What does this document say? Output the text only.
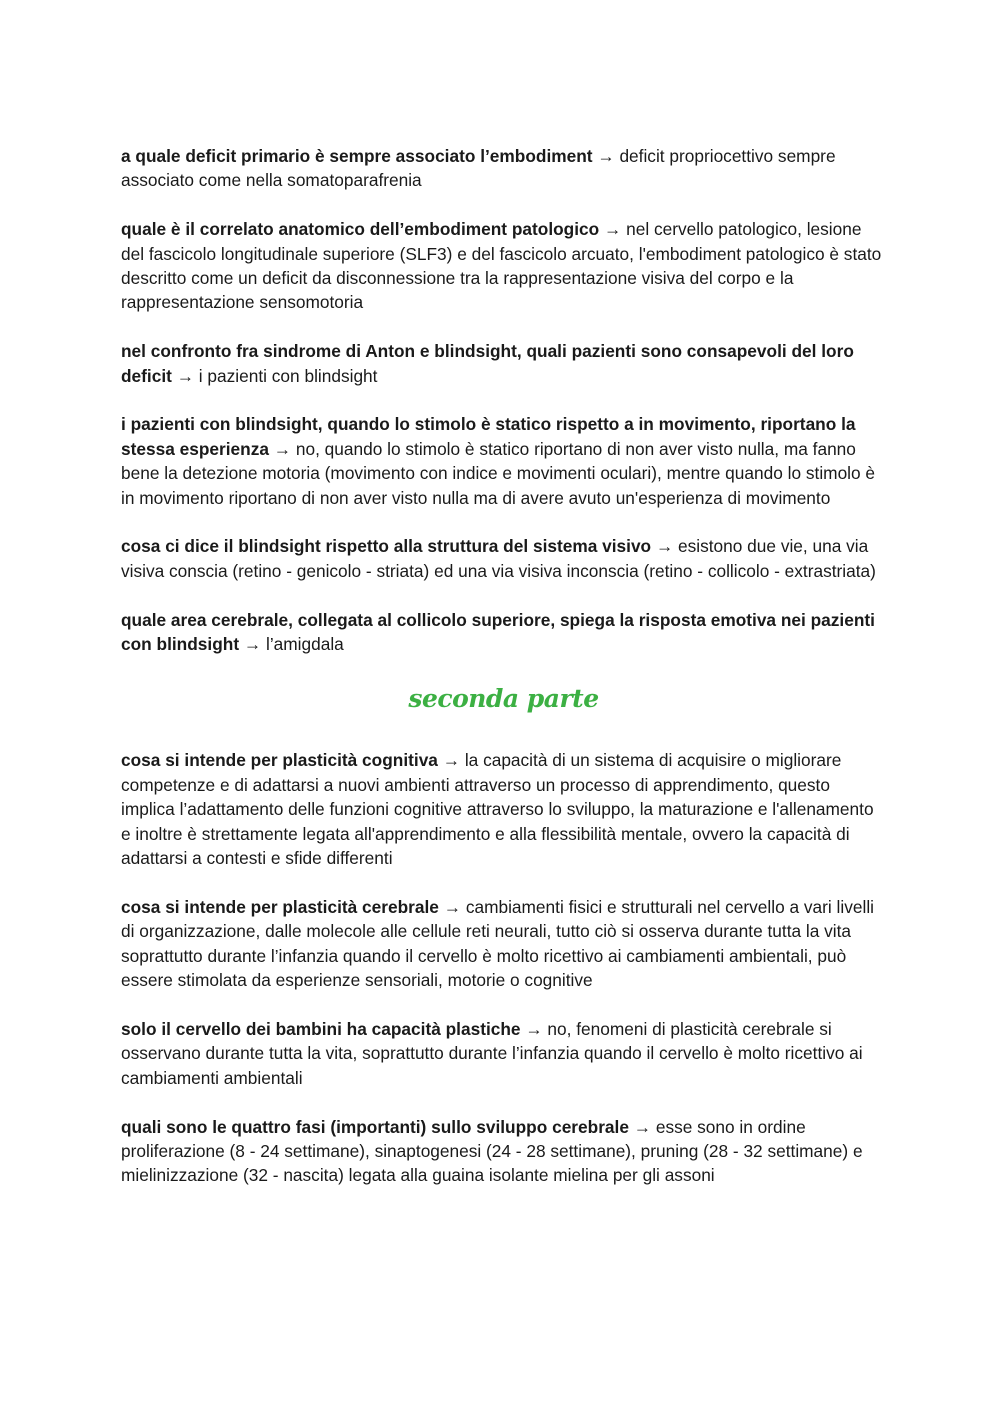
a quale deficit primario è sempre associato l’embodiment → deficit propriocettivo sempre associato come nella somatoparafrenia
quale è il correlato anatomico dell’embodiment patologico → nel cervello patologico, lesione del fascicolo longitudinale superiore (SLF3) e del fascicolo arcuato, l'embodiment patologico è stato descritto come un deficit da disconnessione tra la rappresentazione visiva del corpo e la rappresentazione sensomotoria
nel confronto fra sindrome di Anton e blindsight, quali pazienti sono consapevoli del loro deficit → i pazienti con blindsight
i pazienti con blindsight, quando lo stimolo è statico rispetto a in movimento, riportano la stessa esperienza → no, quando lo stimolo è statico riportano di non aver visto nulla, ma fanno bene la detezione motoria (movimento con indice e movimenti oculari), mentre quando lo stimolo è in movimento riportano di non aver visto nulla ma di avere avuto un'esperienza di movimento
cosa ci dice il blindsight rispetto alla struttura del sistema visivo → esistono due vie, una via visiva conscia (retino - genicolo - striata) ed una via visiva inconscia (retino - collicolo - extrastriata)
quale area cerebrale, collegata al collicolo superiore, spiega la risposta emotiva nei pazienti con blindsight → l’amigdala
seconda parte
cosa si intende per plasticità cognitiva → la capacità di un sistema di acquisire o migliorare competenze e di adattarsi a nuovi ambienti attraverso un processo di apprendimento, questo implica l’adattamento delle funzioni cognitive attraverso lo sviluppo, la maturazione e l'allenamento e inoltre è strettamente legata all'apprendimento e alla flessibilità mentale, ovvero la capacità di adattarsi a contesti e sfide differenti
cosa si intende per plasticità cerebrale → cambiamenti fisici e strutturali nel cervello a vari livelli di organizzazione, dalle molecole alle cellule reti neurali, tutto ciò si osserva durante tutta la vita soprattutto durante l’infanzia quando il cervello è molto ricettivo ai cambiamenti ambientali, può essere stimolata da esperienze sensoriali, motorie o cognitive
solo il cervello dei bambini ha capacità plastiche → no, fenomeni di plasticità cerebrale si osservano durante tutta la vita, soprattutto durante l’infanzia quando il cervello è molto ricettivo ai cambiamenti ambientali
quali sono le quattro fasi (importanti) sullo sviluppo cerebrale → esse sono in ordine proliferazione (8 - 24 settimane), sinaptogenesi (24 - 28 settimane), pruning (28 - 32 settimane) e mielinizzazione (32 - nascita) legata alla guaina isolante mielina per gli assoni
